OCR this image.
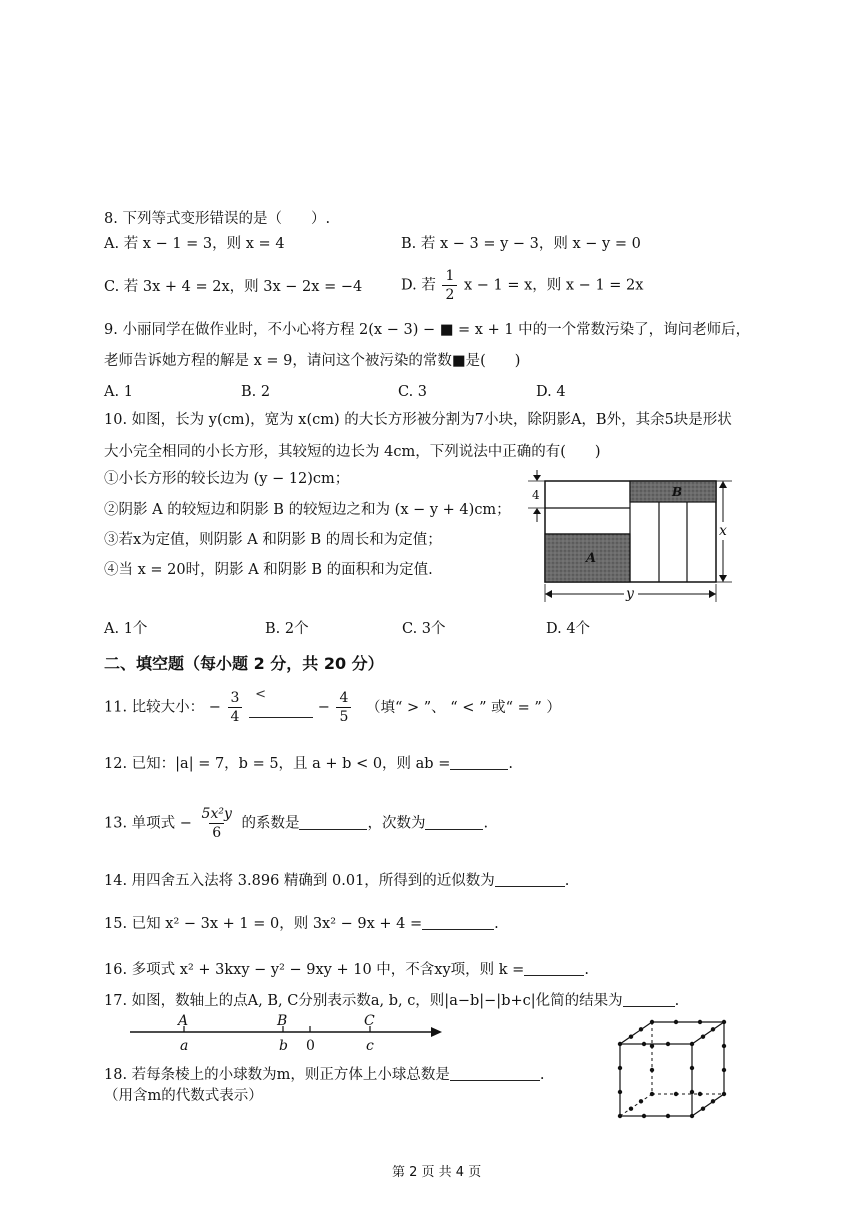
8. 下列等式变形错误的是（　　）.
A. 若 x − 1 = 3，则 x = 4	B. 若 x − 3 = y − 3，则 x − y = 0
C. 若 3x + 4 = 2x，则 3x − 2x = −4	D. 若 $\frac{1}{2}$ x − 1 = x，则 x − 1 = 2x
9. 小丽同学在做作业时，不小心将方程 2(x − 3) − ■ = x + 1 中的一个常数污染了，询问老师后，
老师告诉她方程的解是 x = 9，请问这个被污染的常数■是(　　)
A. 1	B. 2	C. 3	D. 4
10. 如图，长为 y(cm)，宽为 x(cm) 的大长方形被分割为7小块，除阴影A，B外，其余5块是形状
大小完全相同的小长方形，其较短的边长为 4cm，下列说法中正确的有(　　)
①小长方形的较长边为 (y − 12)cm；
②阴影 A 的较短边和阴影 B 的较短边之和为 (x − y + 4)cm；
③若x为定值，则阴影 A 和阴影 B 的周长和为定值；
④当 x = 20时，阴影 A 和阴影 B 的面积和为定值.
A
B
4
x
y
A. 1个	B. 2个	C. 3个	D. 4个
二、填空题（每小题 2 分，共 20 分）
11. 比较大小： − $\frac{3}{4}$
<
− $\frac{4}{5}$ （填“ > ”、 “ < ” 或“ = ” ）
12. 已知：|a| = 7，b = 5，且 a + b < 0，则 ab =	.
13. 单项式 − $\frac{\text{5x²y}}{6}$ 的系数是	，次数为	.
14. 用四舍五入法将 3.896 精确到 0.01，所得到的近似数为	.
15. 已知 x² − 3x + 1 = 0，则 3x² − 9x + 4 =	.
16. 多项式 x² + 3kxy − y² − 9xy + 10 中，不含xy项，则 k =	.
17. 如图，数轴上的点A, B, C分别表示数a, b, c，则|a−b|−|b+c|化简的结果为	.
A	B	C
a	b 0	c
18. 若每条棱上的小球数为m，则正方体上小球总数是	.
（用含m的代数式表示）
第 2 页 共 4 页
